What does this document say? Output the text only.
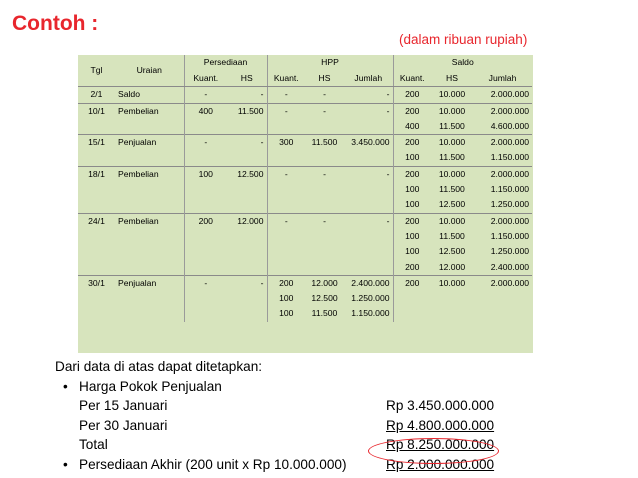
Contoh :
(dalam ribuan rupiah)
Tgl	Uraian	Persediaan		HPP			Saldo		
		Kuant.	HS	Kuant.	HS	Jumlah	Kuant.	HS	Jumlah
2/1	Saldo	-	-	-	-	-	200	10.000	2.000.000
10/1	Pembelian	400	11.500	-	-	-	200	10.000	2.000.000
							400	11.500	4.600.000
15/1	Penjualan	-	-	300	11.500	3.450.000	200	10.000	2.000.000
							100	11.500	1.150.000
18/1	Pembelian	100	12.500	-	-	-	200	10.000	2.000.000
							100	11.500	1.150.000
							100	12.500	1.250.000
24/1	Pembelian	200	12.000	-	-	-	200	10.000	2.000.000
							100	11.500	1.150.000
							100	12.500	1.250.000
							200	12.000	2.400.000
30/1	Penjualan	-	-	200	12.000	2.400.000	200	10.000	2.000.000
				100	12.500	1.250.000			
				100	11.500	1.150.000			
Dari data di atas dapat ditetapkan:
• Harga Pokok Penjualan
Per 15 Januari	Rp 3.450.000.000
Per 30 Januari	Rp 4.800.000.000
Total	Rp 8.250.000.000
• Persediaan Akhir (200 unit x Rp 10.000.000)	Rp 2.000.000.000
